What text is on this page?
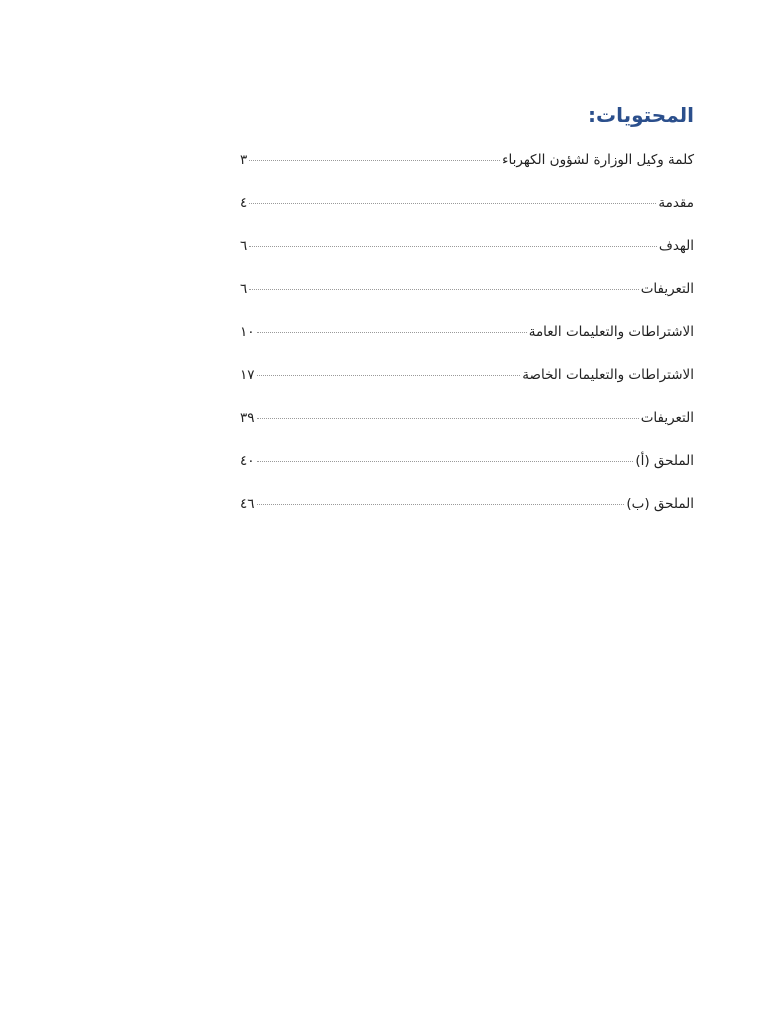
المحتويات:
كلمة وكيل الوزارة لشؤون الكهرباء
٣
مقدمة
٤
الهدف
٦
التعريفات
٦
الاشتراطات والتعليمات العامة
١٠
الاشتراطات والتعليمات الخاصة
١٧
التعريفات
٣٩
الملحق (أ)
٤٠
الملحق (ب)
٤٦
